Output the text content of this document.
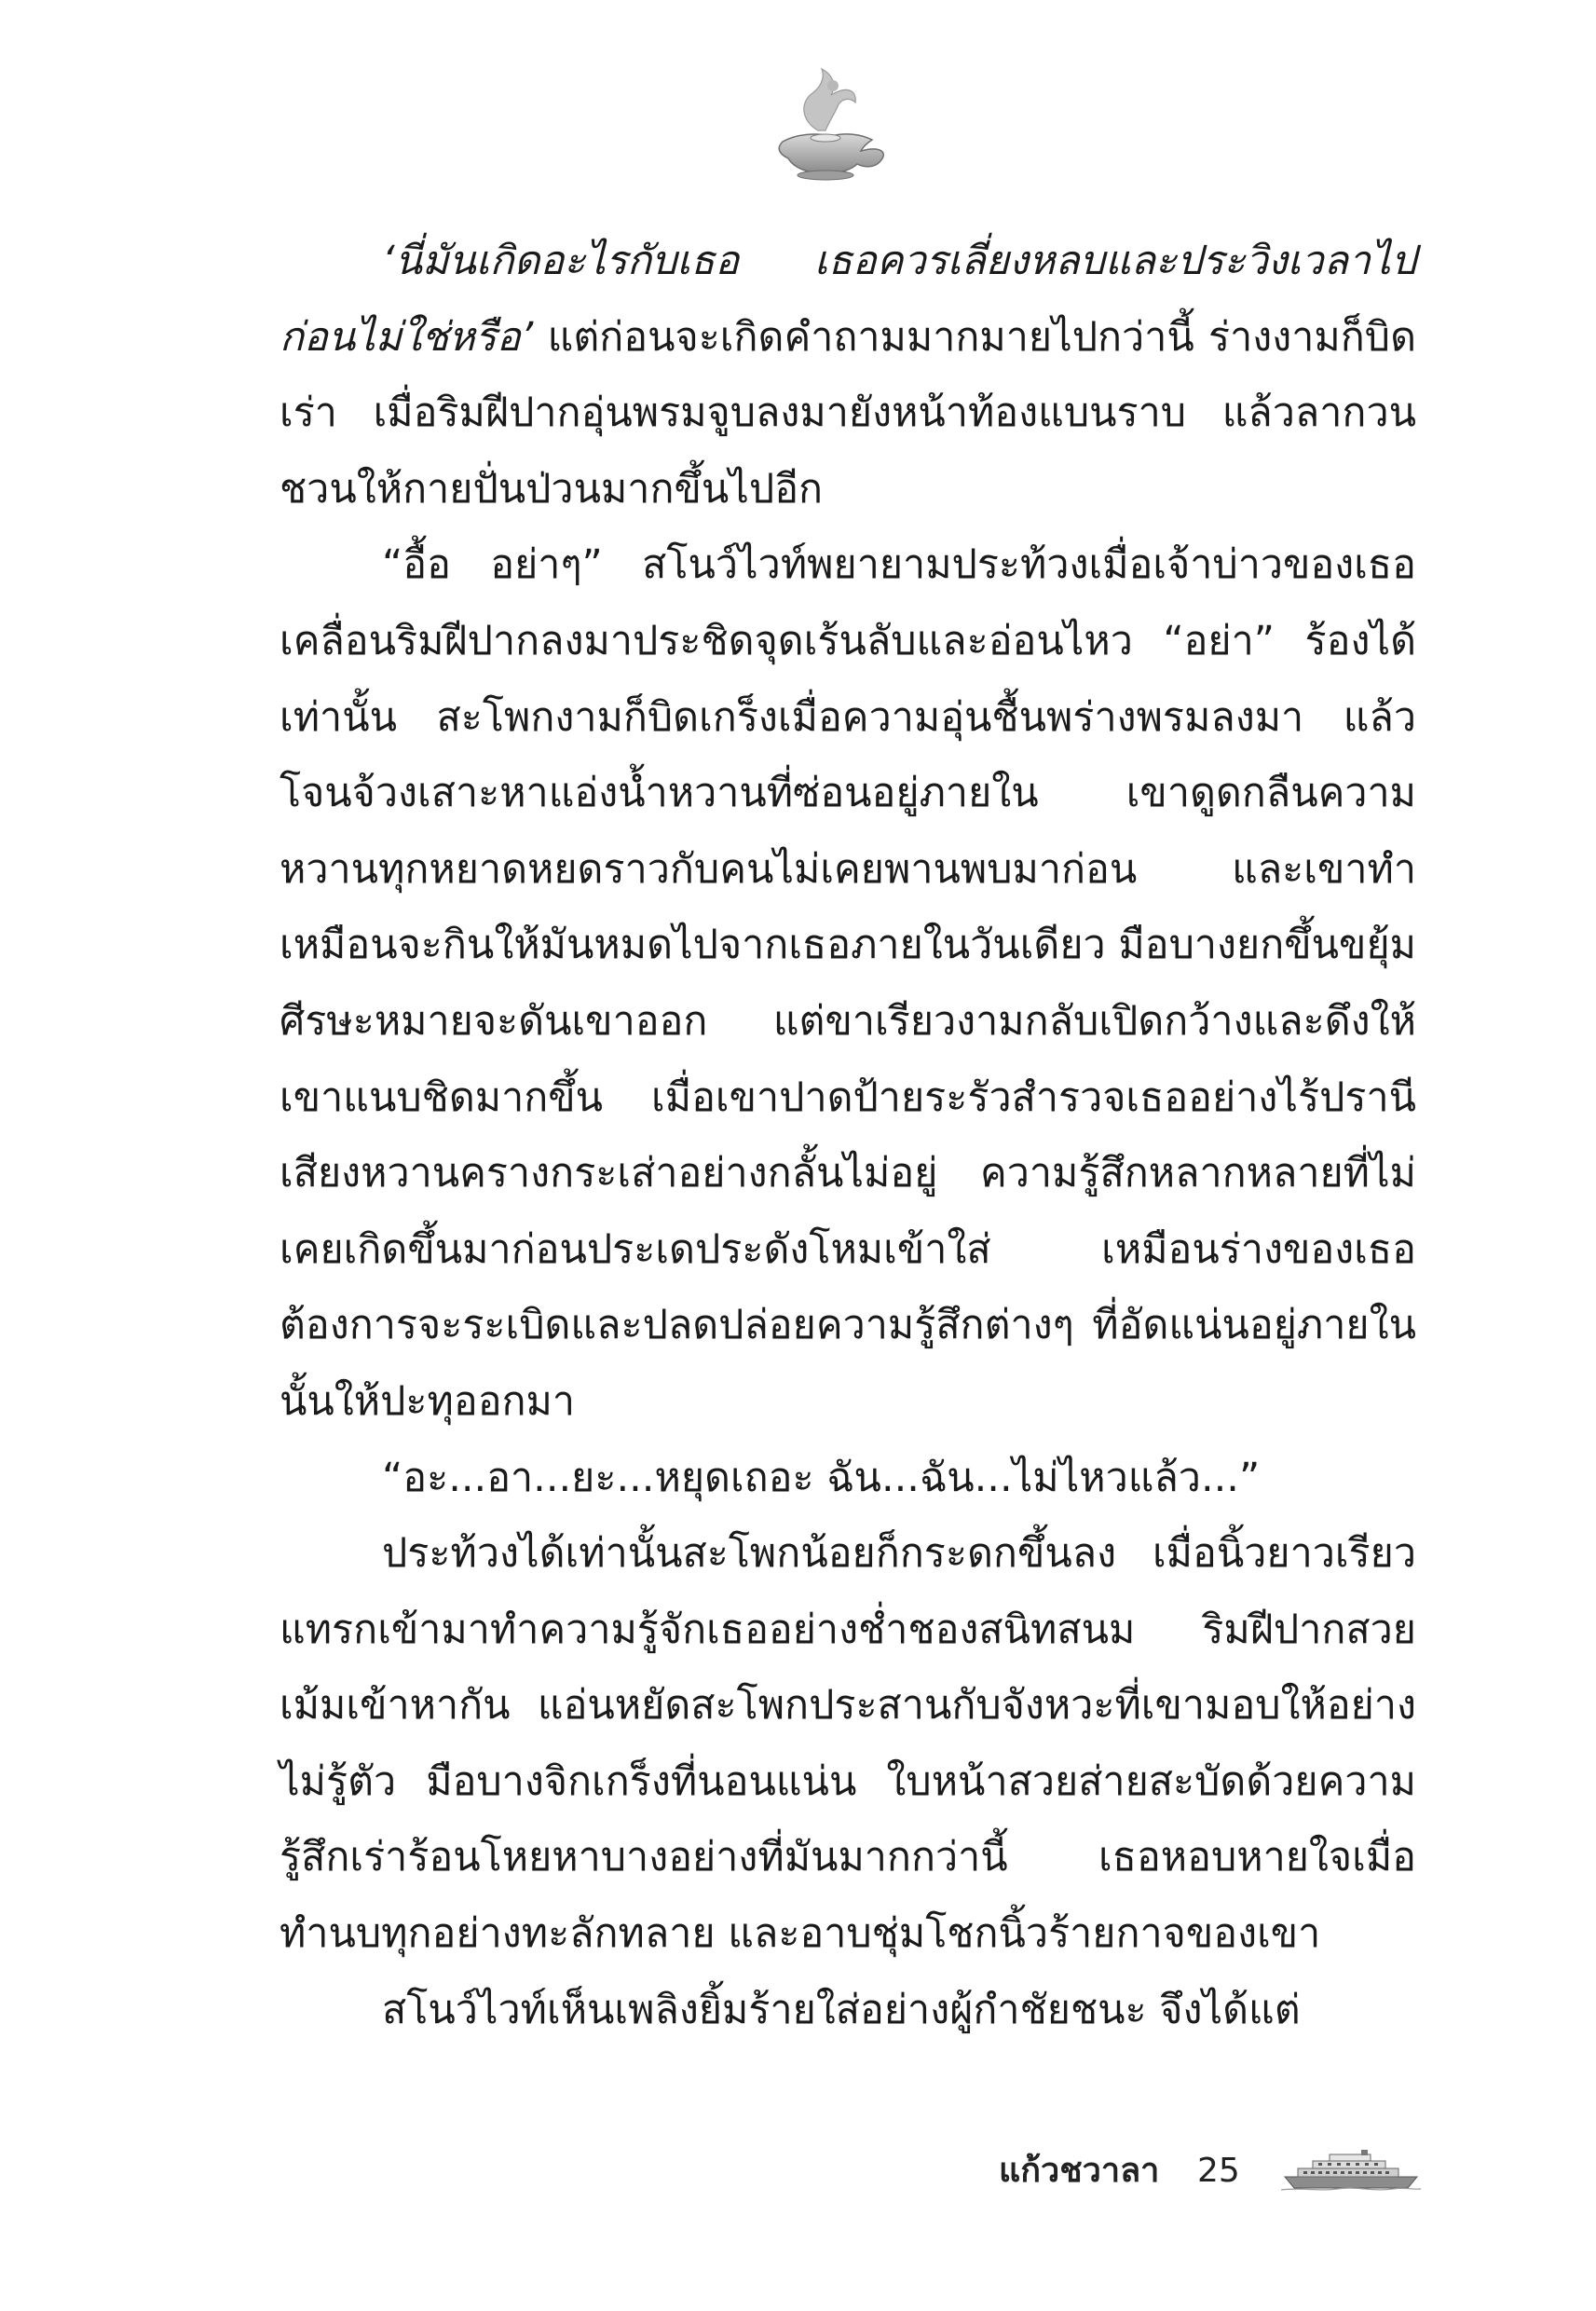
‘นี่มันเกิดอะไรกับเธอ เธอควรเลี่ยงหลบและประวิงเวลาไปก่อนไม่ใช่หรือ’ แต่ก่อนจะเกิดคำถามมากมายไปกว่านี้ ร่างงามก็บิดเร่า เมื่อริมฝีปากอุ่นพรมจูบลงมายังหน้าท้องแบนราบ แล้วลากวนชวนให้กายปั่นป่วนมากขึ้นไปอีก

“อื้อ อย่าๆ” สโนว์ไวท์พยายามประท้วงเมื่อเจ้าบ่าวของเธอเคลื่อนริมฝีปากลงมาประชิดจุดเร้นลับและอ่อนไหว “อย่า” ร้องได้เท่านั้น สะโพกงามก็บิดเกร็งเมื่อความอุ่นชื้นพร่างพรมลงมา แล้วโจนจ้วงเสาะหาแอ่งน้ำหวานที่ซ่อนอยู่ภายใน เขาดูดกลืนความหวานทุกหยาดหยดราวกับคนไม่เคยพานพบมาก่อน และเขาทำเหมือนจะกินให้มันหมดไปจากเธอภายในวันเดียว มือบางยกขึ้นขยุ้มศีรษะหมายจะดันเขาออก แต่ขาเรียวงามกลับเปิดกว้างและดึงให้เขาแนบชิดมากขึ้น เมื่อเขาปาดป้ายระรัวสำรวจเธออย่างไร้ปรานี เสียงหวานครางกระเส่าอย่างกลั้นไม่อยู่ ความรู้สึกหลากหลายที่ไม่เคยเกิดขึ้นมาก่อนประเดประดังโหมเข้าใส่ เหมือนร่างของเธอต้องการจะระเบิดและปลดปล่อยความรู้สึกต่างๆ ที่อัดแน่นอยู่ภายในนั้นให้ปะทุออกมา

“อะ...อา...ยะ...หยุดเถอะ ฉัน...ฉัน...ไม่ไหวแล้ว...”

ประท้วงได้เท่านั้นสะโพกน้อยก็กระดกขึ้นลง เมื่อนิ้วยาวเรียวแทรกเข้ามาทำความรู้จักเธออย่างช่ำชองสนิทสนม ริมฝีปากสวยเม้มเข้าหากัน แอ่นหยัดสะโพกประสานกับจังหวะที่เขามอบให้อย่างไม่รู้ตัว มือบางจิกเกร็งที่นอนแน่น ใบหน้าสวยส่ายสะบัดด้วยความรู้สึกเร่าร้อนโหยหาบางอย่างที่มันมากกว่านี้ เธอหอบหายใจเมื่อทำนบทุกอย่างทะลักทลาย และอาบชุ่มโชกนิ้วร้ายกาจของเขา

สโนว์ไวท์เห็นเพลิงยิ้มร้ายใส่อย่างผู้กำชัยชนะ จึงได้แต่

แก้วชวาลา 25
